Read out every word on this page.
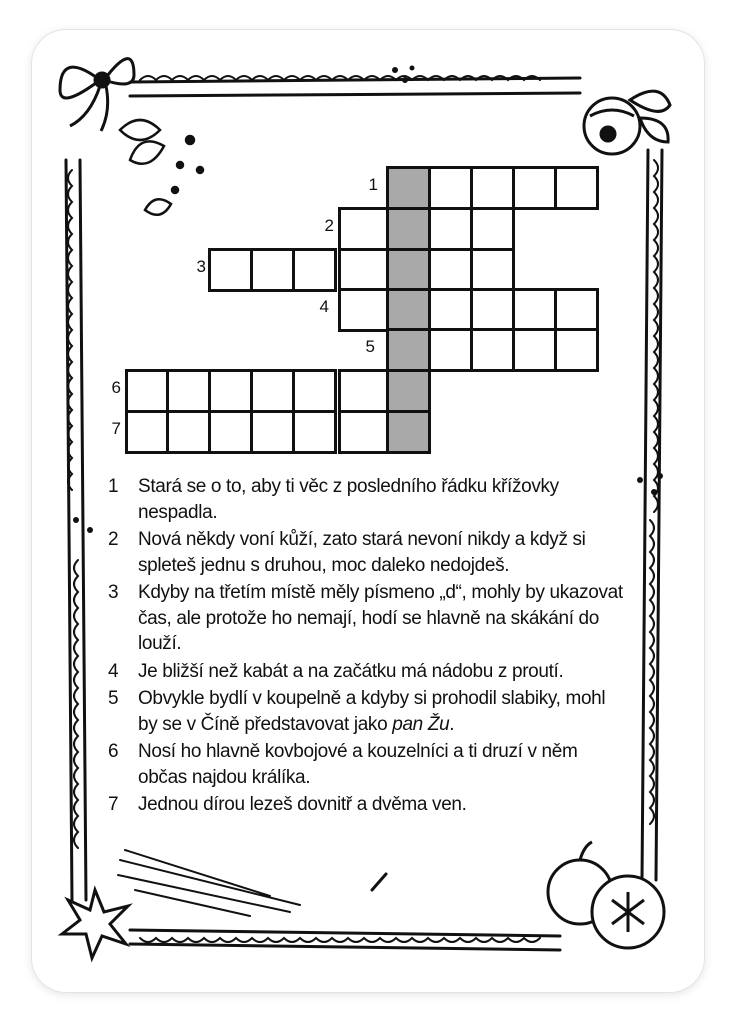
1
2
3
4
5
6
7
1	Stará se o to, aby ti věc z posledního řádku křížovky nespadla.
2	Nová někdy voní kůží, zato stará nevoní nikdy a když si spleteš jednu s druhou, moc daleko nedojdeš.
3	Kdyby na třetím místě měly písmeno „d“, mohly by ukazovat čas, ale protože ho nemají, hodí se hlavně na skákání do louží.
4	Je bližší než kabát a na začátku má nádobu z proutí.
5	Obvykle bydlí v koupelně a kdyby si prohodil slabiky, mohl by se v Číně představovat jako pan Žu.
6	Nosí ho hlavně kovbojové a kouzelníci a ti druzí v něm občas najdou králíka.
7	Jednou dírou lezeš dovnitř a dvěma ven.
